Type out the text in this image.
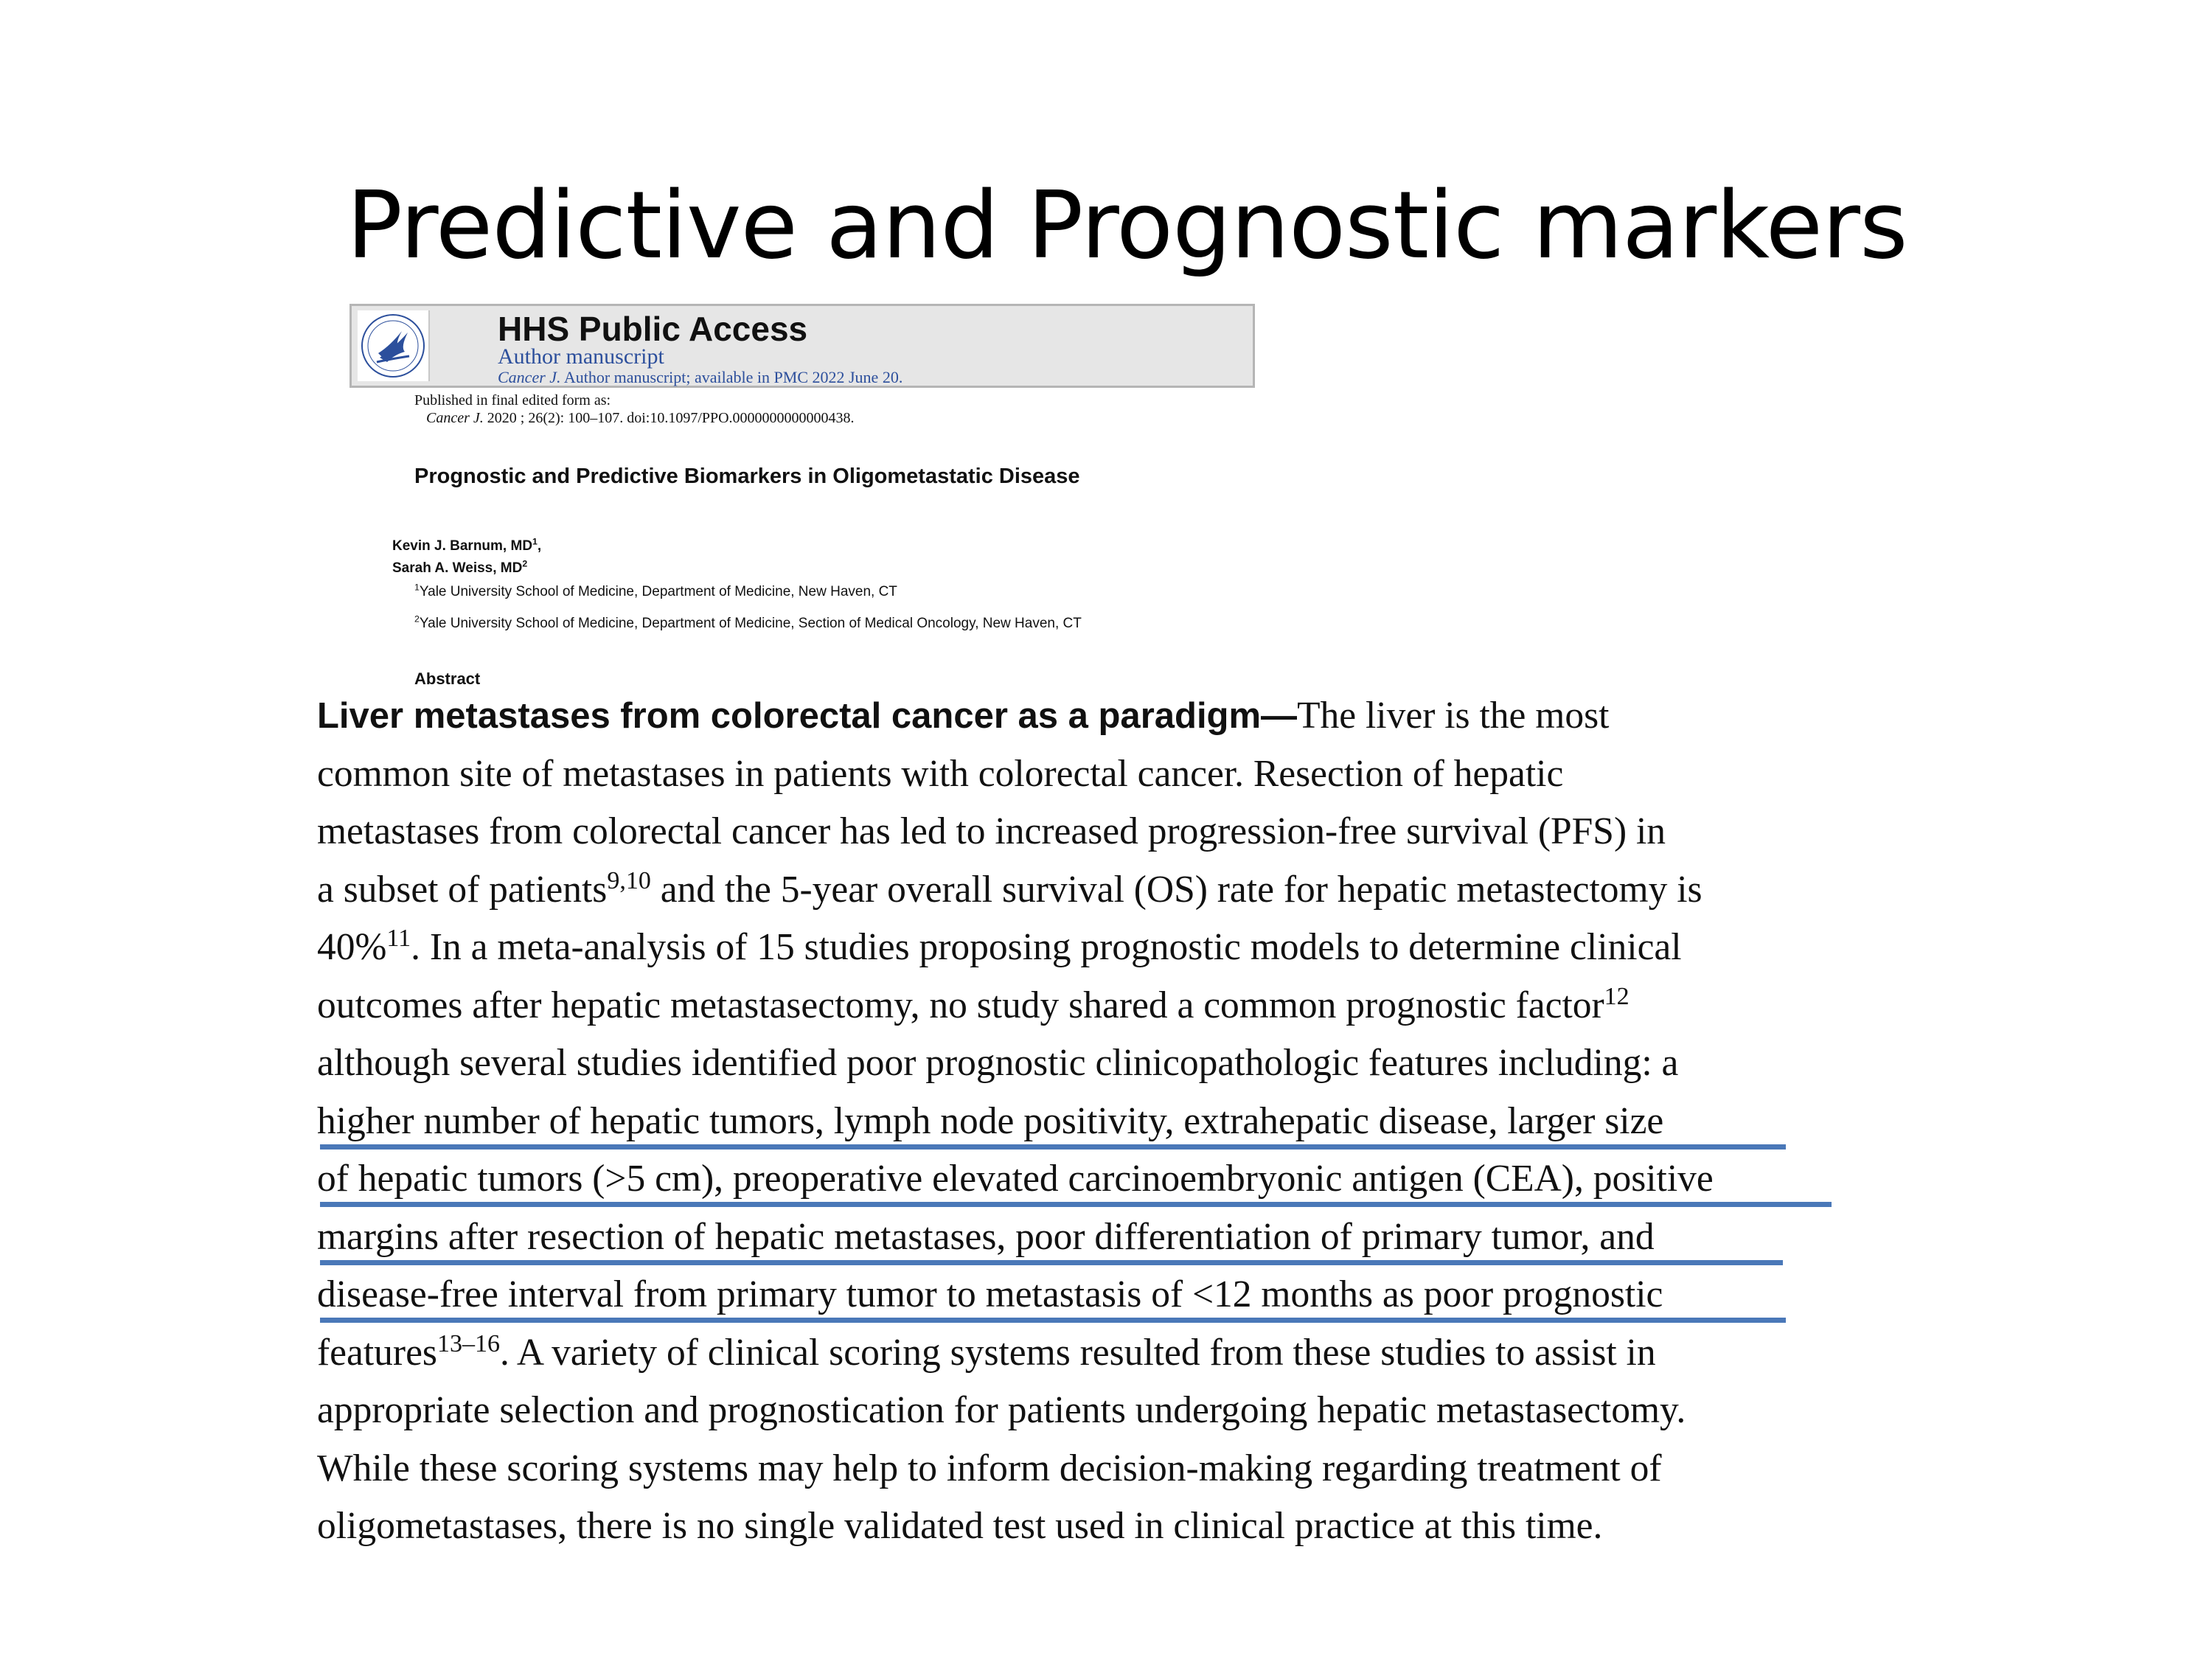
Predictive and Prognostic markers
HHS Public Access
Author manuscript
Cancer J. Author manuscript; available in PMC 2022 June 20.
Published in final edited form as:
Cancer J. 2020 ; 26(2): 100–107. doi:10.1097/PPO.0000000000000438.
Prognostic and Predictive Biomarkers in Oligometastatic Disease
Kevin J. Barnum, $MD^1$,
Sarah A. Weiss, $MD^2$
$^1$Yale University School of Medicine, Department of Medicine, New Haven, CT
$^2$Yale University School of Medicine, Department of Medicine, Section of Medical Oncology, New Haven, CT
Abstract
Liver metastases from colorectal cancer as a paradigm—The liver is the most
common site of metastases in patients with colorectal cancer. Resection of hepatic
metastases from colorectal cancer has led to increased progression-free survival (PFS) in
a subset of patients$^{9,10}$ and the 5-year overall survival (OS) rate for hepatic metastectomy is
40%$^{11}$. In a meta-analysis of 15 studies proposing prognostic models to determine clinical
outcomes after hepatic metastasectomy, no study shared a common prognostic factor$^{12}$
although several studies identified poor prognostic clinicopathologic features including: a
higher number of hepatic tumors, lymph node positivity, extrahepatic disease, larger size
of hepatic tumors (>5 cm), preoperative elevated carcinoembryonic antigen (CEA), positive
margins after resection of hepatic metastases, poor differentiation of primary tumor, and
disease-free interval from primary tumor to metastasis of <12 months as poor prognostic
features$^{13-16}$. A variety of clinical scoring systems resulted from these studies to assist in
appropriate selection and prognostication for patients undergoing hepatic metastasectomy.
While these scoring systems may help to inform decision-making regarding treatment of
oligometastases, there is no single validated test used in clinical practice at this time.
